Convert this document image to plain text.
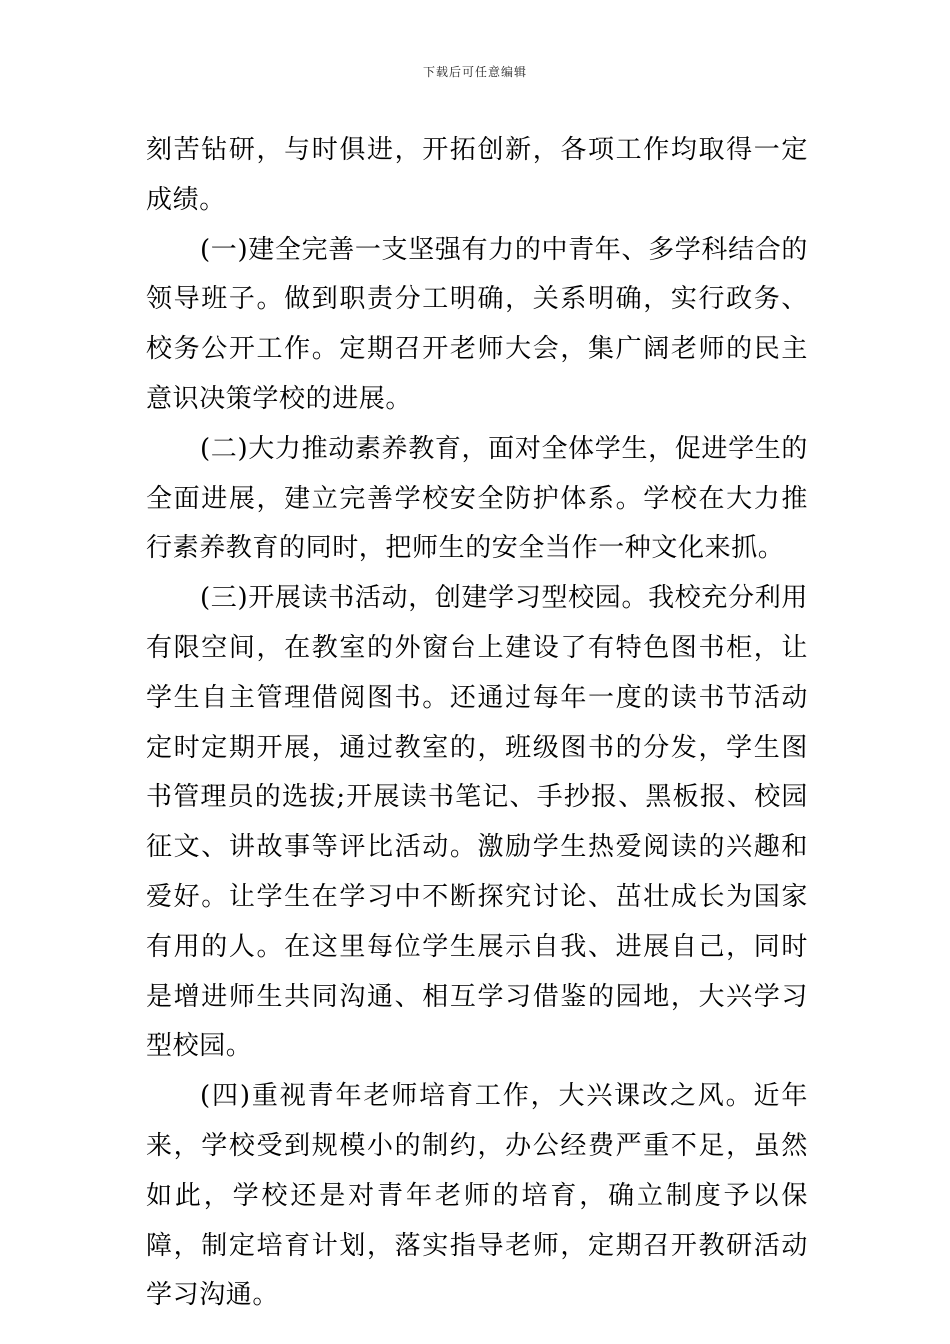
下载后可任意编辑

刻苦钻研，与时俱进，开拓创新，各项工作均取得一定成绩。

(一)建全完善一支坚强有力的中青年、多学科结合的领导班子。做到职责分工明确，关系明确，实行政务、校务公开工作。定期召开老师大会，集广阔老师的民主意识决策学校的进展。

(二)大力推动素养教育，面对全体学生，促进学生的全面进展，建立完善学校安全防护体系。学校在大力推行素养教育的同时，把师生的安全当作一种文化来抓。

(三)开展读书活动，创建学习型校园。我校充分利用有限空间，在教室的外窗台上建设了有特色图书柜，让学生自主管理借阅图书。还通过每年一度的读书节活动定时定期开展，通过教室的，班级图书的分发，学生图书管理员的选拔;开展读书笔记、手抄报、黑板报、校园征文、讲故事等评比活动。激励学生热爱阅读的兴趣和爱好。让学生在学习中不断探究讨论、茁壮成长为国家有用的人。在这里每位学生展示自我、进展自己，同时是增进师生共同沟通、相互学习借鉴的园地，大兴学习型校园。

(四)重视青年老师培育工作，大兴课改之风。近年来，学校受到规模小的制约，办公经费严重不足，虽然如此，学校还是对青年老师的培育，确立制度予以保障，制定培育计划，落实指导老师，定期召开教研活动学习沟通。
